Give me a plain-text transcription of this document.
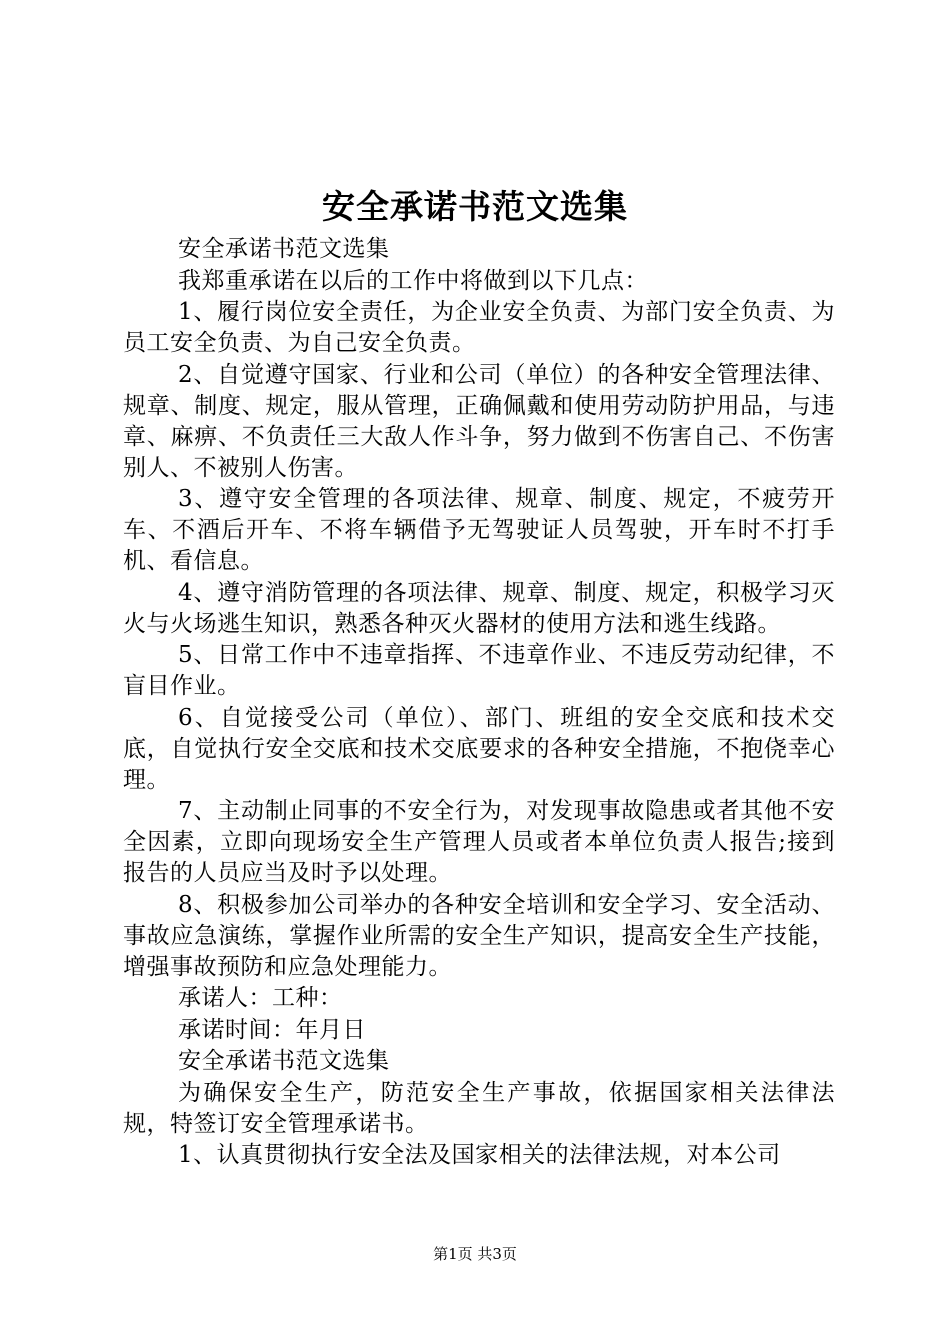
安全承诺书范文选集

安全承诺书范文选集

我郑重承诺在以后的工作中将做到以下几点：

1、履行岗位安全责任，为企业安全负责、为部门安全负责、为员工安全负责、为自己安全负责。

2、自觉遵守国家、行业和公司（单位）的各种安全管理法律、规章、制度、规定，服从管理，正确佩戴和使用劳动防护用品，与违章、麻痹、不负责任三大敌人作斗争，努力做到不伤害自己、不伤害别人、不被别人伤害。

3、遵守安全管理的各项法律、规章、制度、规定，不疲劳开车、不酒后开车、不将车辆借予无驾驶证人员驾驶，开车时不打手机、看信息。

4、遵守消防管理的各项法律、规章、制度、规定，积极学习灭火与火场逃生知识，熟悉各种灭火器材的使用方法和逃生线路。

5、日常工作中不违章指挥、不违章作业、不违反劳动纪律，不盲目作业。

6、自觉接受公司（单位）、部门、班组的安全交底和技术交底，自觉执行安全交底和技术交底要求的各种安全措施，不抱侥幸心理。

7、主动制止同事的不安全行为，对发现事故隐患或者其他不安全因素，立即向现场安全生产管理人员或者本单位负责人报告;接到报告的人员应当及时予以处理。

8、积极参加公司举办的各种安全培训和安全学习、安全活动、事故应急演练，掌握作业所需的安全生产知识，提高安全生产技能，增强事故预防和应急处理能力。

承诺人：工种：

承诺时间：年月日

安全承诺书范文选集

为确保安全生产，防范安全生产事故，依据国家相关法律法规，特签订安全管理承诺书。

1、认真贯彻执行安全法及国家相关的法律法规，对本公司

第1页 共3页
